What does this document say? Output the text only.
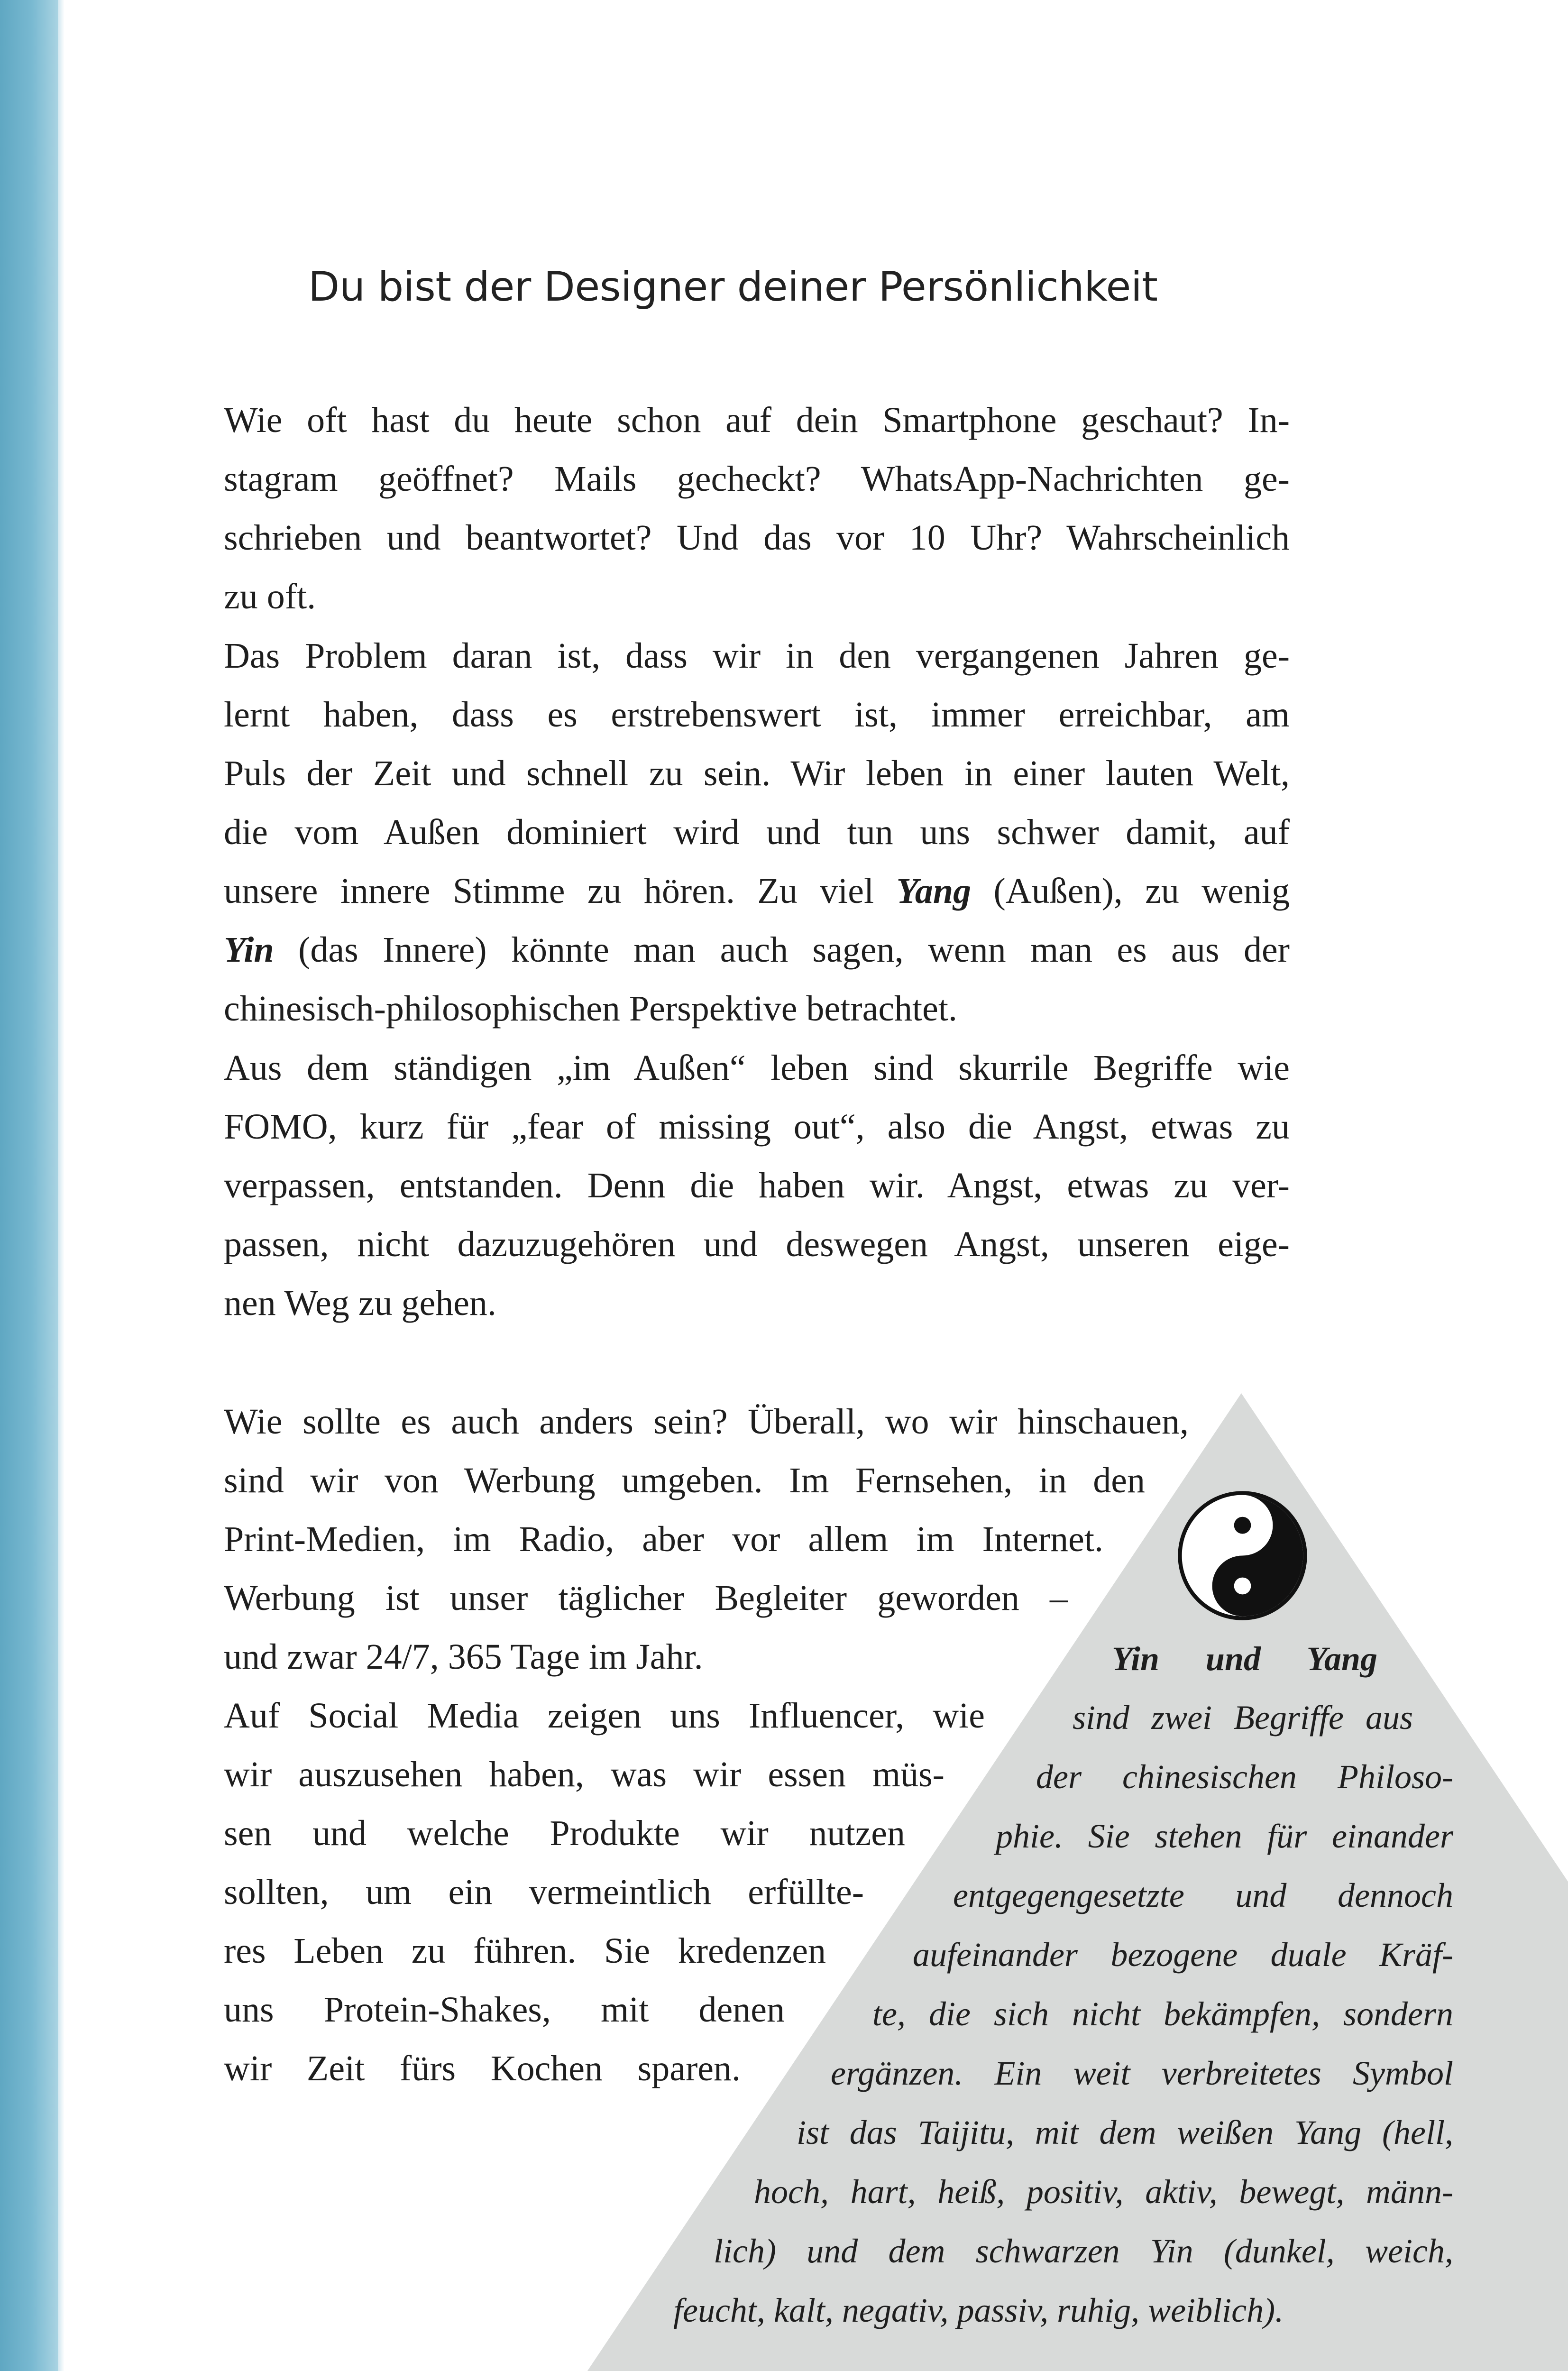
Du bist der Designer deiner Persönlichkeit
Wie oft hast du heute schon auf dein Smartphone geschaut? In-
stagram geöffnet? Mails gecheckt? WhatsApp-Nachrichten ge-
schrieben und beantwortet? Und das vor 10 Uhr? Wahrscheinlich
zu oft.
Das Problem daran ist, dass wir in den vergangenen Jahren ge-
lernt haben, dass es erstrebenswert ist, immer erreichbar, am
Puls der Zeit und schnell zu sein. Wir leben in einer lauten Welt,
die vom Außen dominiert wird und tun uns schwer damit, auf
unsere innere Stimme zu hören. Zu viel Yang (Außen), zu wenig
Yin (das Innere) könnte man auch sagen, wenn man es aus der
chinesisch-philosophischen Perspektive betrachtet.
Aus dem ständigen „im Außen“ leben sind skurrile Begriffe wie
FOMO, kurz für „fear of missing out“, also die Angst, etwas zu
verpassen, entstanden. Denn die haben wir. Angst, etwas zu ver-
passen, nicht dazuzugehören und deswegen Angst, unseren eige-
nen Weg zu gehen.
Wie sollte es auch anders sein? Überall, wo wir hinschauen,
sind wir von Werbung umgeben. Im Fernsehen, in den
Print-Medien, im Radio, aber vor allem im Internet.
Werbung ist unser täglicher Begleiter geworden –
und zwar 24/7, 365 Tage im Jahr.
Auf Social Media zeigen uns Influencer, wie
wir auszusehen haben, was wir essen müs-
sen und welche Produkte wir nutzen
sollten, um ein vermeintlich erfüllte-
res Leben zu führen. Sie kredenzen
uns Protein-Shakes, mit denen
wir Zeit fürs Kochen sparen.
Yin und Yang
sind zwei Begriffe aus
der chinesischen Philoso-
phie. Sie stehen für einander
entgegengesetzte und dennoch
aufeinander bezogene duale Kräf-
te, die sich nicht bekämpfen, sondern
ergänzen. Ein weit verbreitetes Symbol
ist das Taijitu, mit dem weißen Yang (hell,
hoch, hart, heiß, positiv, aktiv, bewegt, männ-
lich) und dem schwarzen Yin (dunkel, weich,
feucht, kalt, negativ, passiv, ruhig, weiblich).
